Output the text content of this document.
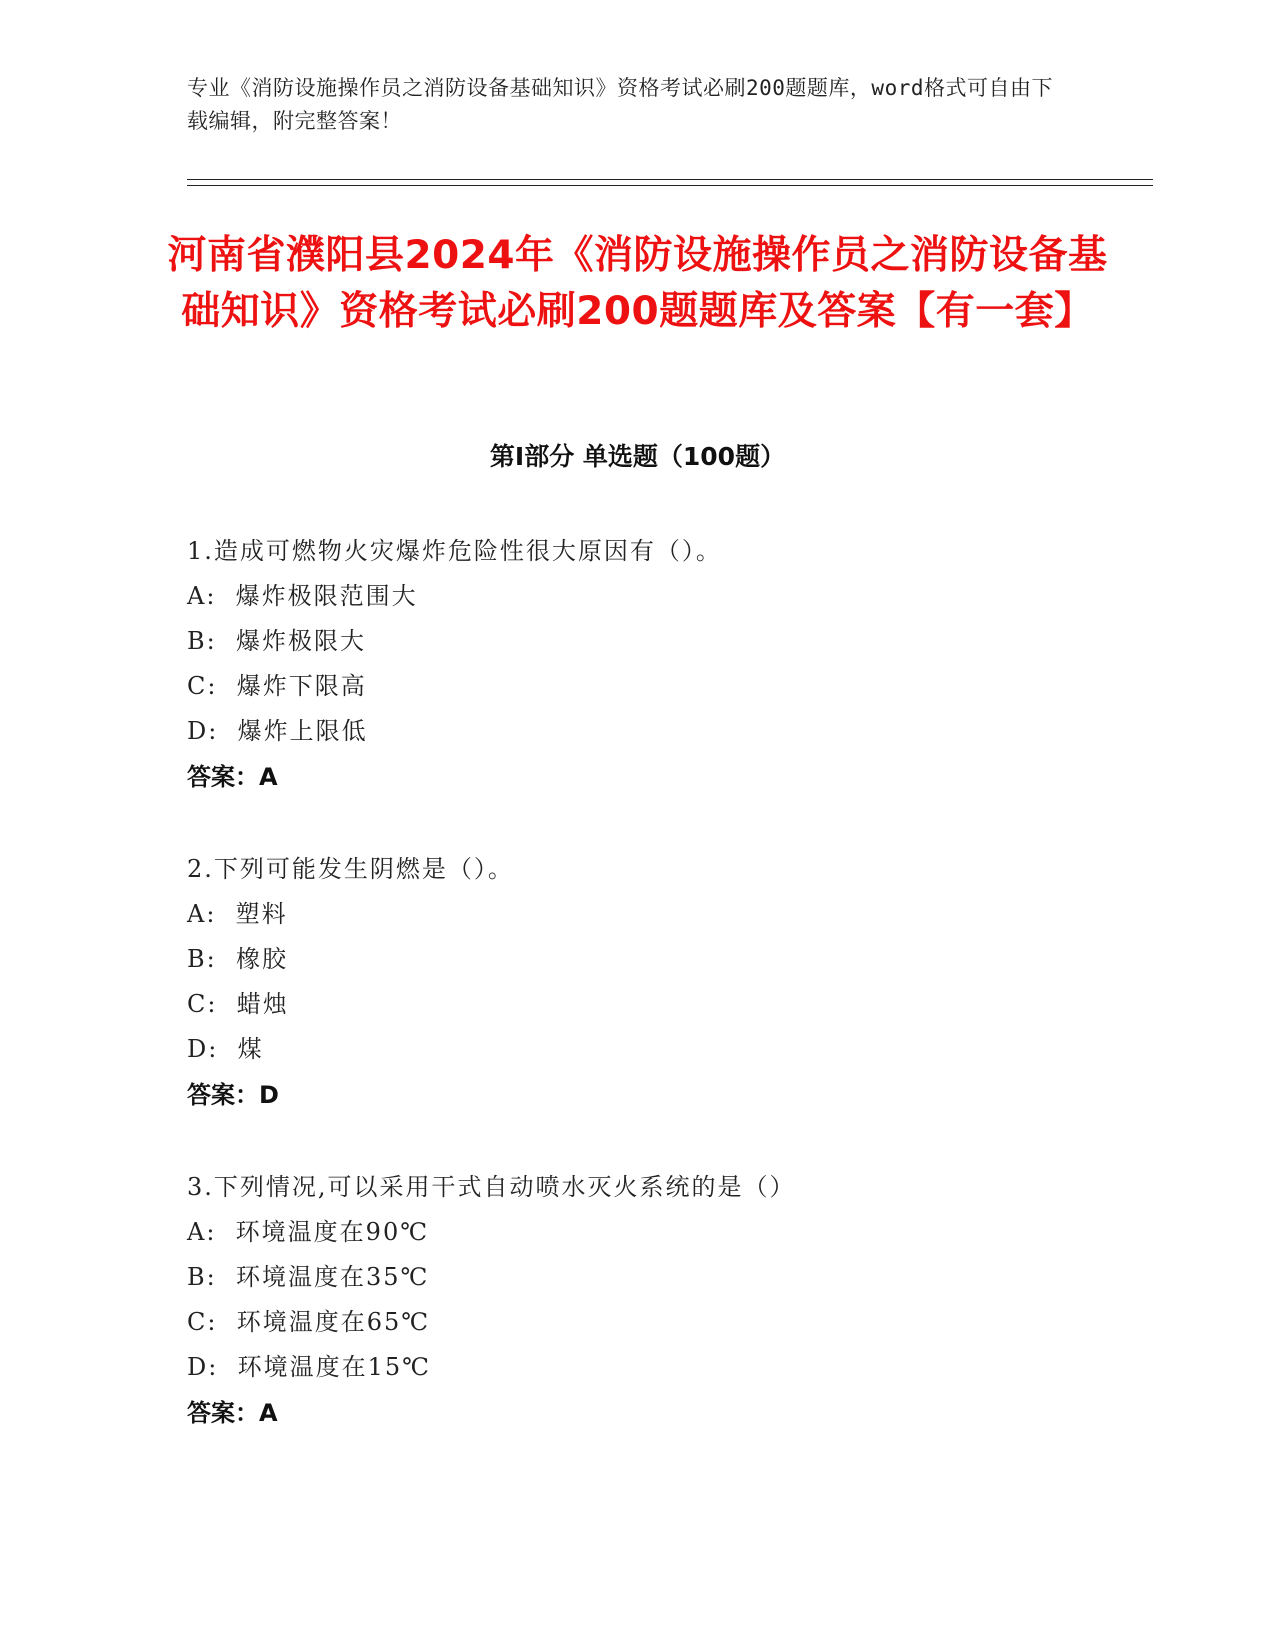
专业《消防设施操作员之消防设备基础知识》资格考试必刷200题题库，word格式可自由下载编辑，附完整答案！
河南省濮阳县2024年《消防设施操作员之消防设备基础知识》资格考试必刷200题题库及答案【有一套】
第Ⅰ部分 单选题（100题）
1.造成可燃物火灾爆炸危险性很大原因有（）。
A:  爆炸极限范围大
B:  爆炸极限大
C:  爆炸下限高
D:  爆炸上限低
答案：A
2.下列可能发生阴燃是（）。
A:  塑料
B:  橡胶
C:  蜡烛
D:  煤
答案：D
3.下列情况,可以采用干式自动喷水灭火系统的是（）
A:  环境温度在90℃
B:  环境温度在35℃
C:  环境温度在65℃
D:  环境温度在15℃
答案：A
